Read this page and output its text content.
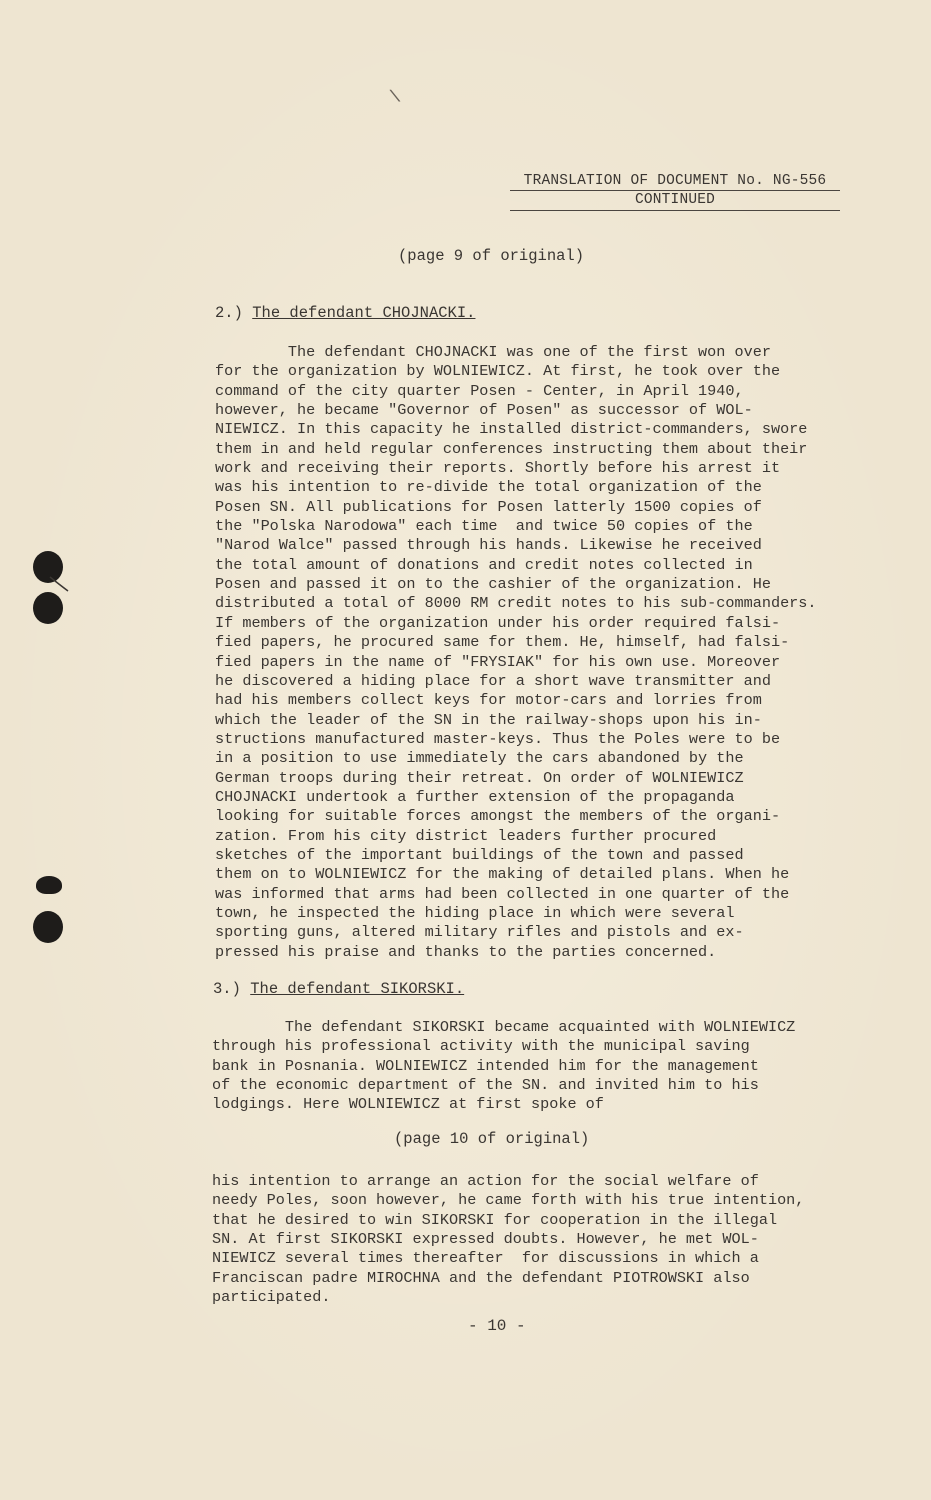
\
TRANSLATION OF DOCUMENT No. NG-556
CONTINUED
(page 9 of original)
2.) The defendant CHOJNACKI.
The defendant CHOJNACKI was one of the first won over
for the organization by WOLNIEWICZ. At first, he took over the
command of the city quarter Posen - Center, in April 1940,
however, he became "Governor of Posen" as successor of WOL-
NIEWICZ. In this capacity he installed district-commanders, swore
them in and held regular conferences instructing them about their
work and receiving their reports. Shortly before his arrest it
was his intention to re-divide the total organization of the
Posen SN. All publications for Posen latterly 1500 copies of
the "Polska Narodowa" each time  and twice 50 copies of the
"Narod Walce" passed through his hands. Likewise he received
the total amount of donations and credit notes collected in
Posen and passed it on to the cashier of the organization. He
distributed a total of 8000 RM credit notes to his sub-commanders.
If members of the organization under his order required falsi-
fied papers, he procured same for them. He, himself, had falsi-
fied papers in the name of "FRYSIAK" for his own use. Moreover
he discovered a hiding place for a short wave transmitter and
had his members collect keys for motor-cars and lorries from
which the leader of the SN in the railway-shops upon his in-
structions manufactured master-keys. Thus the Poles were to be
in a position to use immediately the cars abandoned by the
German troops during their retreat. On order of WOLNIEWICZ
CHOJNACKI undertook a further extension of the propaganda
looking for suitable forces amongst the members of the organi-
zation. From his city district leaders further procured
sketches of the important buildings of the town and passed
them on to WOLNIEWICZ for the making of detailed plans. When he
was informed that arms had been collected in one quarter of the
town, he inspected the hiding place in which were several
sporting guns, altered military rifles and pistols and ex-
pressed his praise and thanks to the parties concerned.
3.) The defendant SIKORSKI.
The defendant SIKORSKI became acquainted with WOLNIEWICZ
through his professional activity with the municipal saving
bank in Posnania. WOLNIEWICZ intended him for the management
of the economic department of the SN. and invited him to his
lodgings. Here WOLNIEWICZ at first spoke of
(page 10 of original)
his intention to arrange an action for the social welfare of
needy Poles, soon however, he came forth with his true intention,
that he desired to win SIKORSKI for cooperation in the illegal
SN. At first SIKORSKI expressed doubts. However, he met WOL-
NIEWICZ several times thereafter  for discussions in which a
Franciscan padre MIROCHNA and the defendant PIOTROWSKI also
participated.
- 10 -
